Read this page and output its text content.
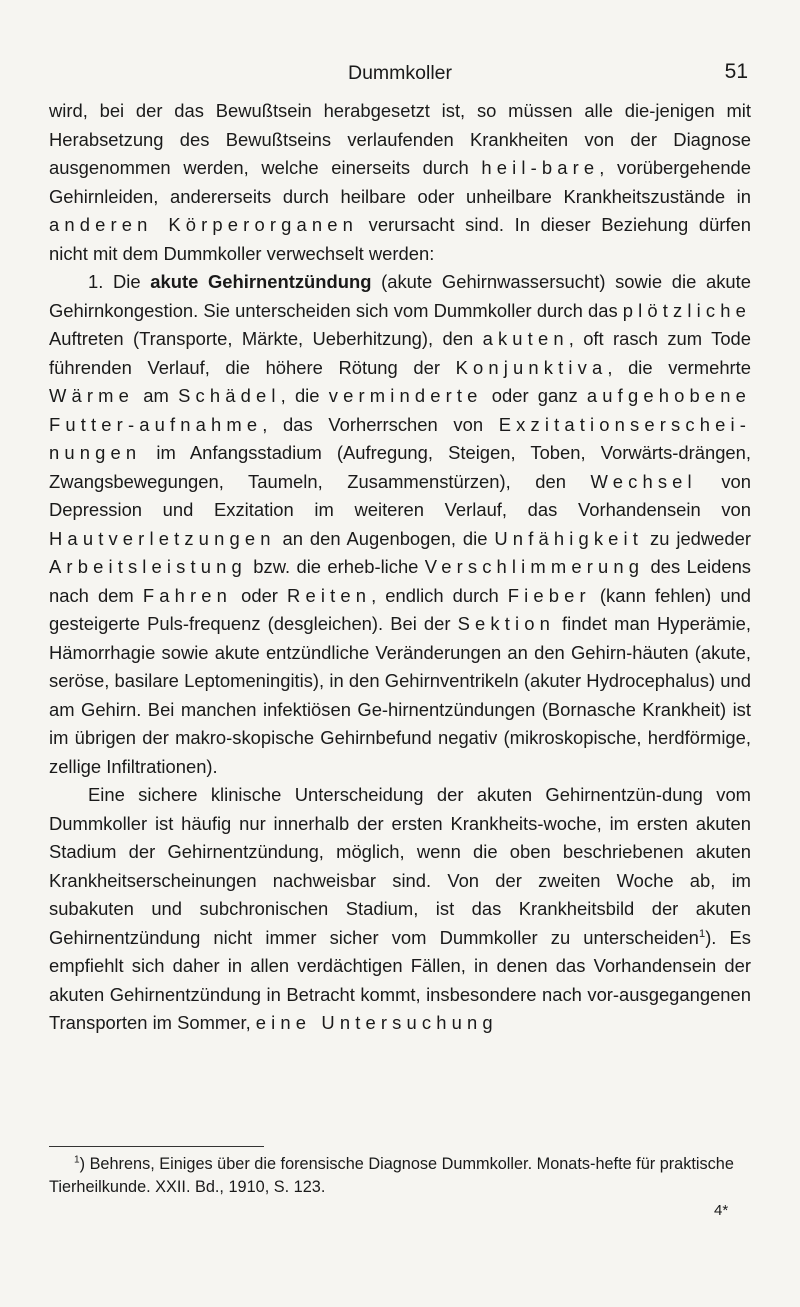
Dummkoller	51

wird, bei der das Bewußtsein herabgesetzt ist, so müssen alle die-jenigen mit Herabsetzung des Bewußtseins verlaufenden Krankheiten von der Diagnose ausgenommen werden, welche einerseits durch heil-bare, vorübergehende Gehirnleiden, andererseits durch heilbare oder unheilbare Krankheitszustände in anderen Körperorganen verursacht sind. In dieser Beziehung dürfen nicht mit dem Dummkoller verwechselt werden:

1. Die akute Gehirnentzündung (akute Gehirnwassersucht) sowie die akute Gehirnkongestion. Sie unterscheiden sich vom Dummkoller durch das plötzliche Auftreten (Transporte, Märkte, Ueberhitzung), den akuten, oft rasch zum Tode führenden Verlauf, die höhere Rötung der Konjunktiva, die vermehrte Wärme am Schädel, die verminderte oder ganz aufgehobene Futter-aufnahme, das Vorherrschen von Exzitationserschei-nungen im Anfangsstadium (Aufregung, Steigen, Toben, Vorwärts-drängen, Zwangsbewegungen, Taumeln, Zusammenstürzen), den Wechsel von Depression und Exzitation im weiteren Verlauf, das Vorhandensein von Hautverletzungen an den Augenbogen, die Unfähigkeit zu jedweder Arbeitsleistung bzw. die erheb-liche Verschlimmerung des Leidens nach dem Fahren oder Reiten, endlich durch Fieber (kann fehlen) und gesteigerte Puls-frequenz (desgleichen). Bei der Sektion findet man Hyperämie, Hämorrhagie sowie akute entzündliche Veränderungen an den Gehirn-häuten (akute, seröse, basilare Leptomeningitis), in den Gehirnventrikeln (akuter Hydrocephalus) und am Gehirn. Bei manchen infektiösen Ge-hirnentzündungen (Bornasche Krankheit) ist im übrigen der makro-skopische Gehirnbefund negativ (mikroskopische, herdförmige, zellige Infiltrationen).

Eine sichere klinische Unterscheidung der akuten Gehirnentzün-dung vom Dummkoller ist häufig nur innerhalb der ersten Krankheits-woche, im ersten akuten Stadium der Gehirnentzündung, möglich, wenn die oben beschriebenen akuten Krankheitserscheinungen nachweisbar sind. Von der zweiten Woche ab, im subakuten und subchronischen Stadium, ist das Krankheitsbild der akuten Gehirnentzündung nicht immer sicher vom Dummkoller zu unterscheiden$^1$). Es empfiehlt sich daher in allen verdächtigen Fällen, in denen das Vorhandensein der akuten Gehirnentzündung in Betracht kommt, insbesondere nach vor-ausgegangenen Transporten im Sommer, eine Untersuchung

$^1$) Behrens, Einiges über die forensische Diagnose Dummkoller. Monats-hefte für praktische Tierheilkunde. XXII. Bd., 1910, S. 123.

4*
